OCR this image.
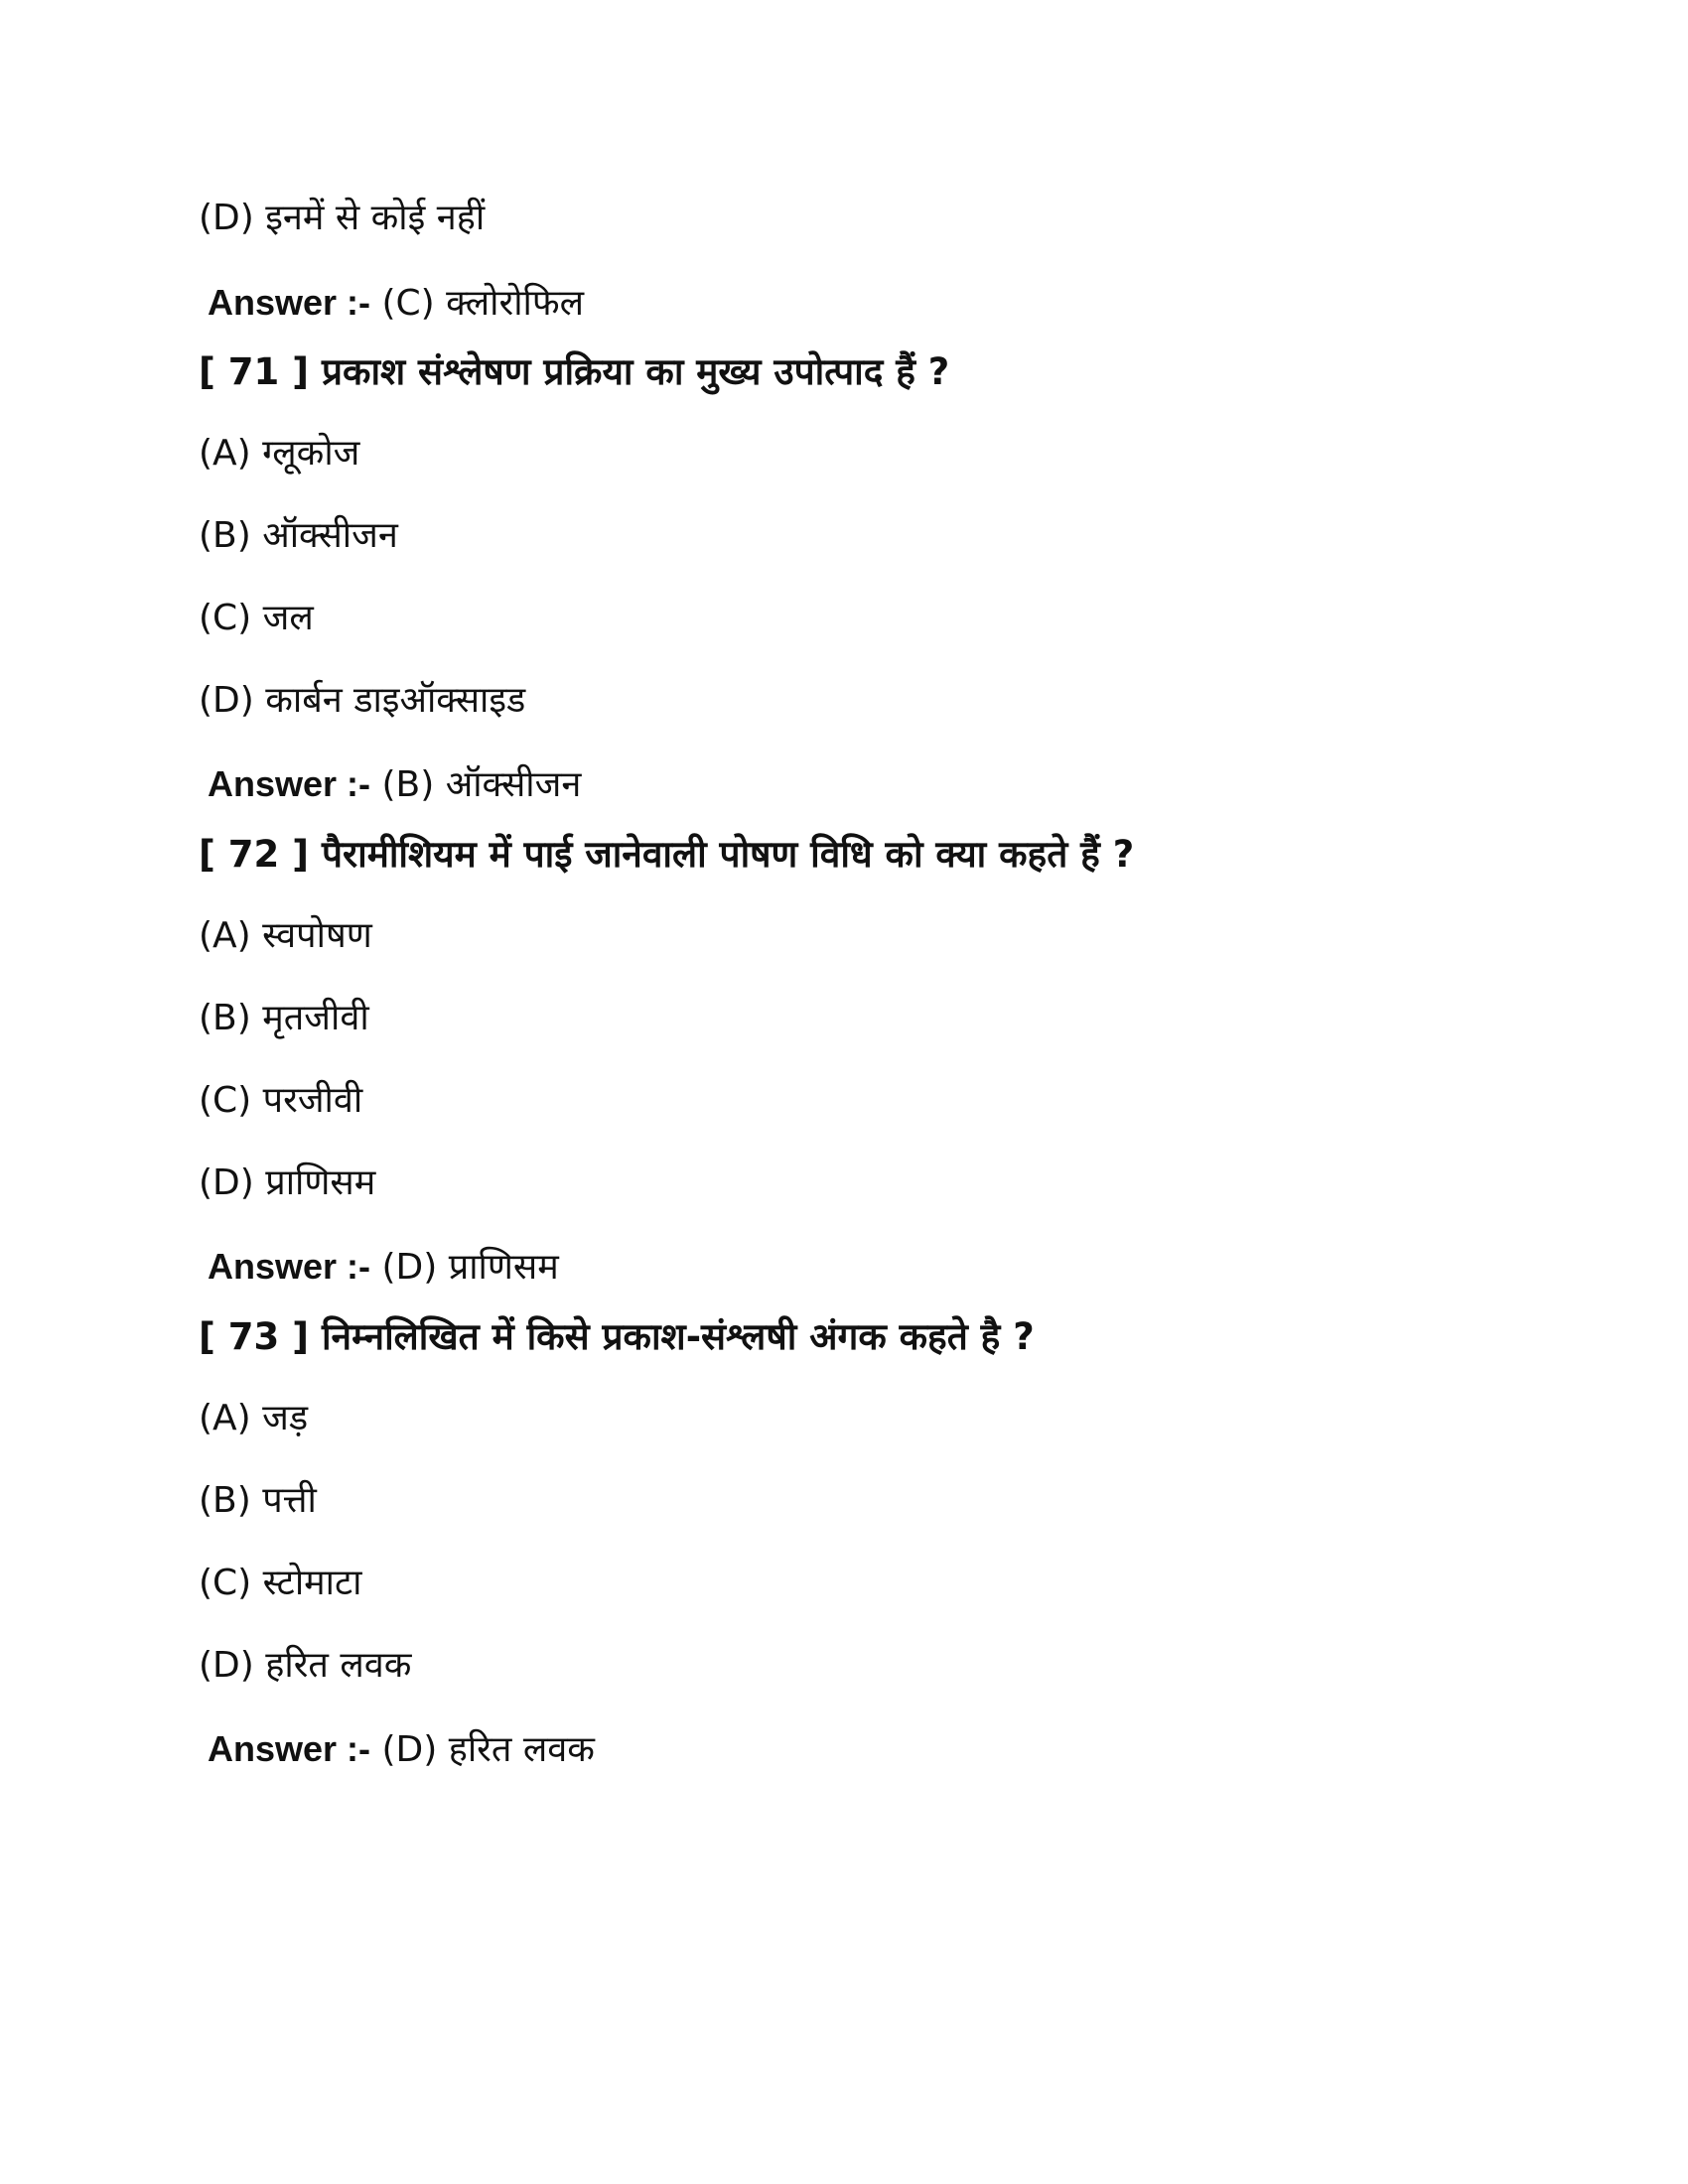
(D) इनमें से कोई नहीं
Answer :- (C) क्लोरोफिल
[ 71 ] प्रकाश संश्लेषण प्रक्रिया का मुख्य उपोत्पाद हैं ?
(A) ग्लूकोज
(B) ऑक्सीजन
(C) जल
(D) कार्बन डाइऑक्साइड
Answer :- (B) ऑक्सीजन
[ 72 ] पैरामीशियम में पाई जानेवाली पोषण विधि को क्या कहते हैं ?
(A) स्वपोषण
(B) मृतजीवी
(C) परजीवी
(D) प्राणिसम
Answer :- (D) प्राणिसम
[ 73 ] निम्नलिखित में किसे प्रकाश-संश्लषी अंगक कहते है ?
(A) जड़
(B) पत्ती
(C) स्टोमाटा
(D) हरित लवक
Answer :- (D) हरित लवक
